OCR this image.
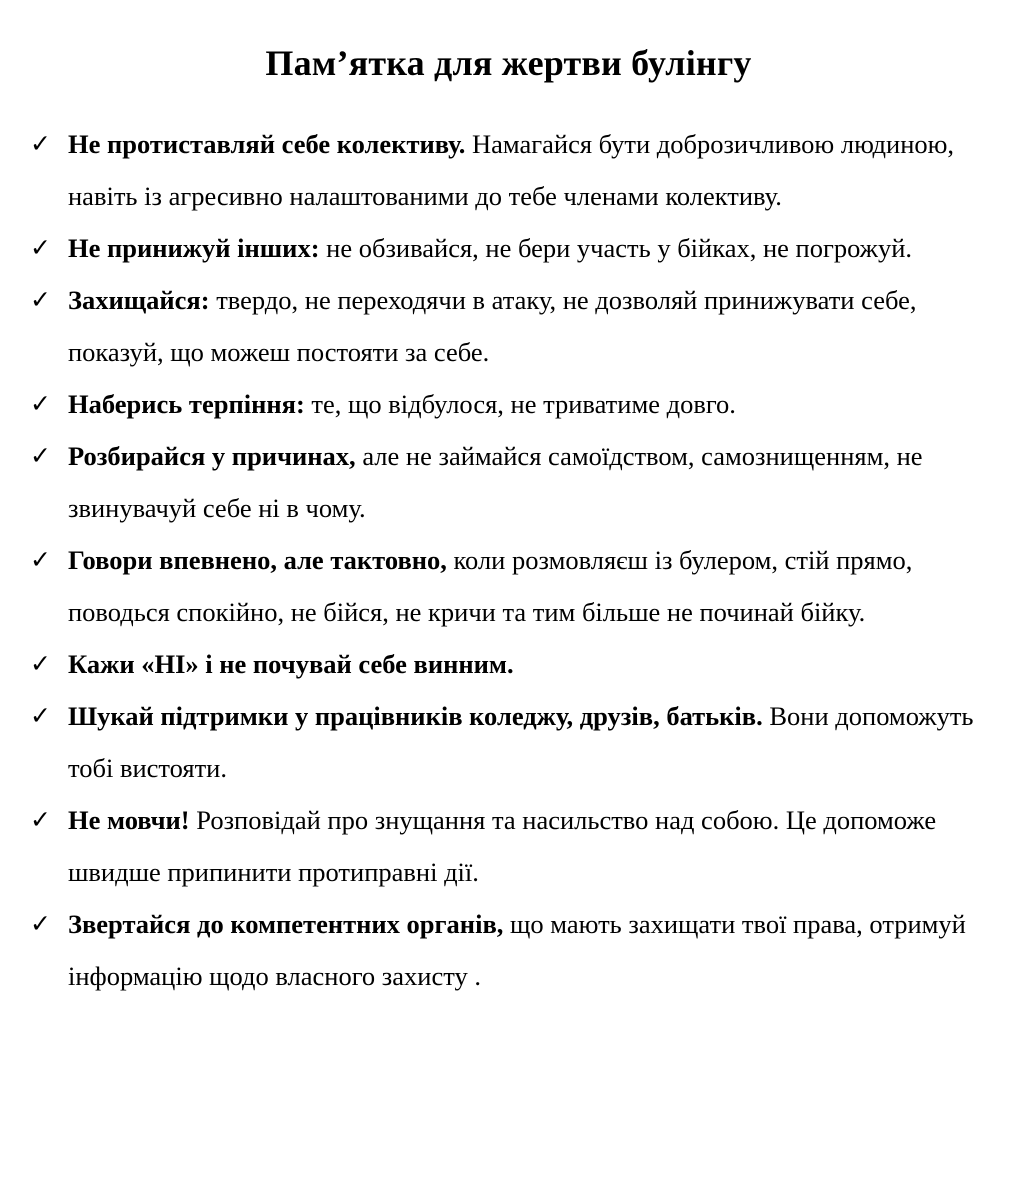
Пам’ятка для жертви булінгу
✓ Не протиставляй себе колективу. Намагайся бути доброзичливою людиною, навіть із агресивно налаштованими до тебе членами колективу.
✓ Не принижуй інших: не обзивайся, не бери участь у бійках, не погрожуй.
✓ Захищайся: твердо, не переходячи в атаку, не дозволяй принижувати себе, показуй, що можеш постояти за себе.
✓ Наберись терпіння: те, що відбулося, не триватиме довго.
✓ Розбирайся у причинах, але не займайся самоїдством, самознищенням, не звинувачуй себе ні в чому.
✓ Говори впевнено, але тактовно, коли розмовляєш із булером, стій прямо, поводься спокійно, не бійся, не кричи та тим більше не починай бійку.
✓ Кажи «НІ» і не почувай себе винним.
✓ Шукай підтримки у працівників коледжу, друзів, батьків. Вони допоможуть тобі вистояти.
✓ Не мовчи! Розповідай про знущання та насильство над собою. Це допоможе швидше припинити протиправні дії.
✓ Звертайся до компетентних органів, що мають захищати твої права, отримуй інформацію щодо власного захисту .
